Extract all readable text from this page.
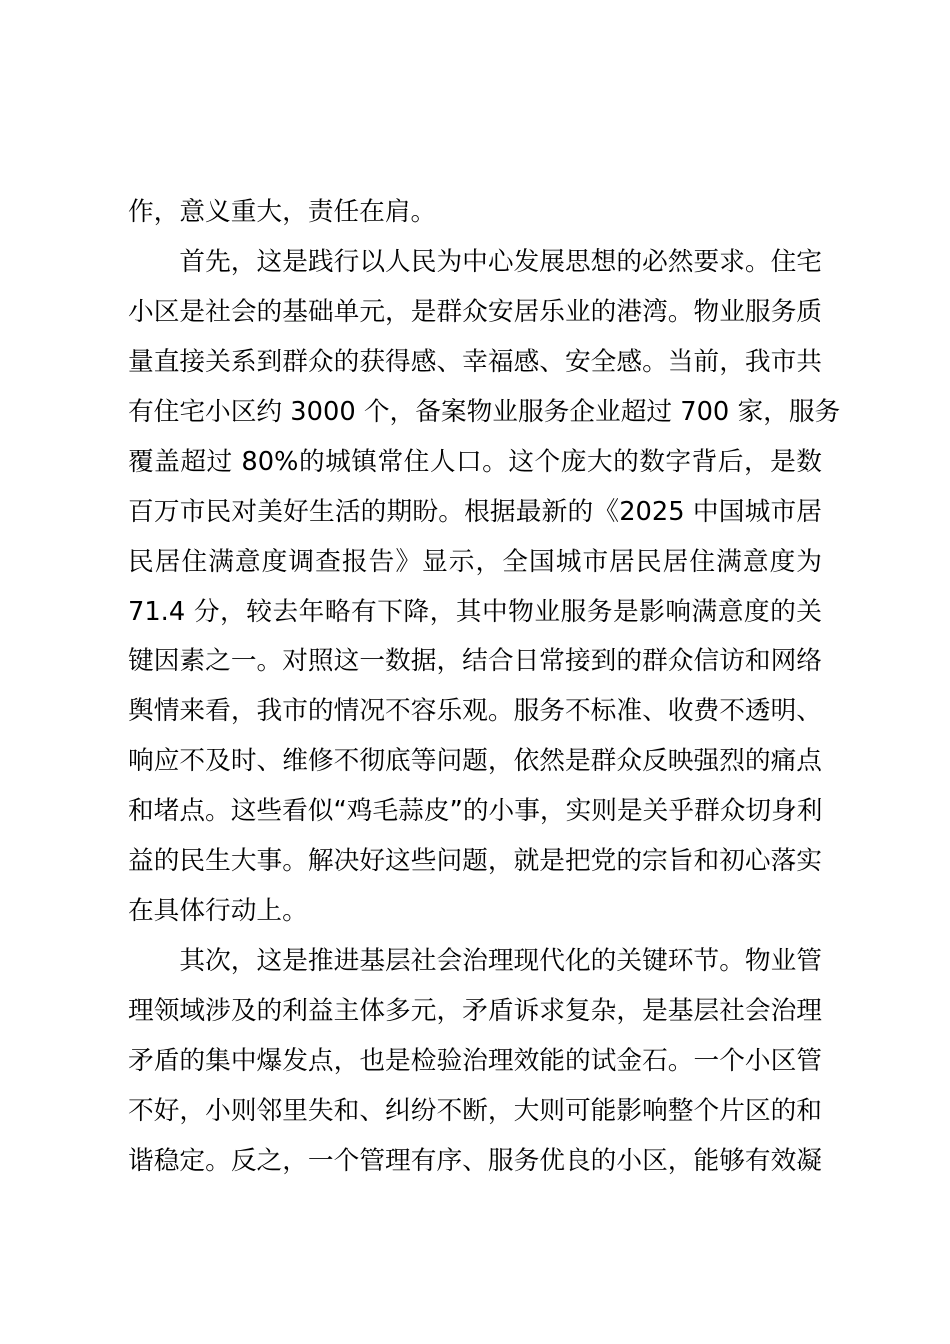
作，意义重大，责任在肩。
首先，这是践行以人民为中心发展思想的必然要求。住宅
小区是社会的基础单元，是群众安居乐业的港湾。物业服务质
量直接关系到群众的获得感、幸福感、安全感。当前，我市共
有住宅小区约 3000 个，备案物业服务企业超过 700 家，服务
覆盖超过 80%的城镇常住人口。这个庞大的数字背后，是数
百万市民对美好生活的期盼。根据最新的《2025 中国城市居
民居住满意度调查报告》显示，全国城市居民居住满意度为
71.4 分，较去年略有下降，其中物业服务是影响满意度的关
键因素之一。对照这一数据，结合日常接到的群众信访和网络
舆情来看，我市的情况不容乐观。服务不标准、收费不透明、
响应不及时、维修不彻底等问题，依然是群众反映强烈的痛点
和堵点。这些看似“鸡毛蒜皮”的小事，实则是关乎群众切身利
益的民生大事。解决好这些问题，就是把党的宗旨和初心落实
在具体行动上。
其次，这是推进基层社会治理现代化的关键环节。物业管
理领域涉及的利益主体多元，矛盾诉求复杂，是基层社会治理
矛盾的集中爆发点，也是检验治理效能的试金石。一个小区管
不好，小则邻里失和、纠纷不断，大则可能影响整个片区的和
谐稳定。反之，一个管理有序、服务优良的小区，能够有效凝
